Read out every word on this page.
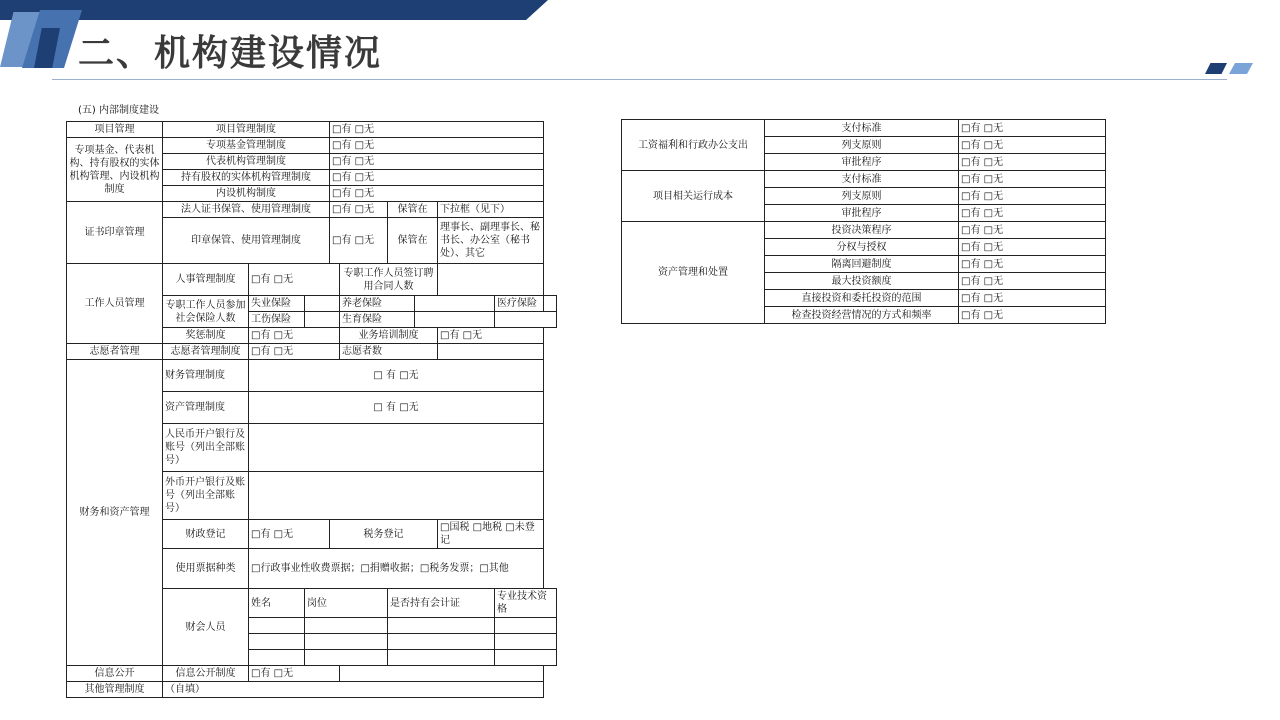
二、机构建设情况
(五) 内部制度建设
项目管理	项目管理制度			□有 □无						
专项基金、代表机构、持有股权的实体机构管理、内设机构制度	专项基金管理制度			□有 □无						
	代表机构管理制度			□有 □无						
	持有股权的实体机构管理制度			□有 □无						
	内设机构制度			□有 □无						
证书印章管理	法人证书保管、使用管理制度			□有 □无		保管在		下拉框（见下）		
	印章保管、使用管理制度			□有 □无		保管在		理事长、副理事长、秘书长、办公室（秘书处）、其它		
工作人员管理	人事管理制度	□有 □无			专职工作人员签订聘用合同人数					
	专职工作人员参加社会保险人数	失业保险			养老保险				医疗保险	
		工伤保险			生育保险					
	奖惩制度	□有 □无			业务培训制度			□有 □无		
志愿者管理	志愿者管理制度	□有 □无			志愿者数					
财务和资产管理	财务管理制度	□ 有 □无								
	资产管理制度	□ 有 □无								
	人民币开户银行及账号（列出全部账号）									
	外币开户银行及账号（列出全部账号）									
	财政登记	□有 □无		税务登记				□国税 □地税 □未登记		
	使用票据种类	□行政事业性收费票据；□捐赠收据；□税务发票；□其他								
	财会人员	姓名	岗位			是否持有会计证			专业技术资格	

信息公开	信息公开制度	□有 □无								
其他管理制度	（自填）									
工资福利和行政办公支出	支付标准	□有 □无
	列支原则	□有 □无
	审批程序	□有 □无
项目相关运行成本	支付标准	□有 □无
	列支原则	□有 □无
	审批程序	□有 □无
资产管理和处置	投资决策程序	□有 □无
	分权与授权	□有 □无
	隔离回避制度	□有 □无
	最大投资额度	□有 □无
	直接投资和委托投资的范围	□有 □无
	检查投资经营情况的方式和频率	□有 □无
